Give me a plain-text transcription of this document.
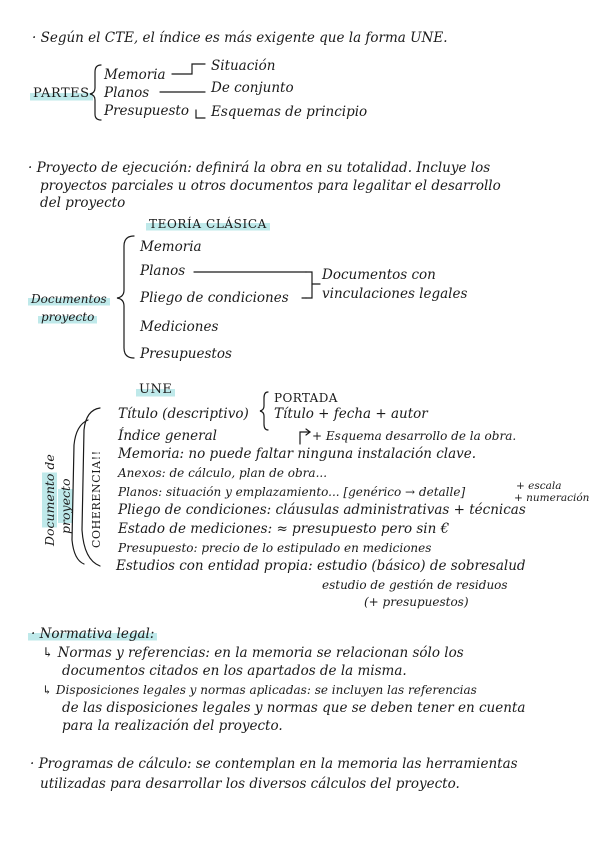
· Según el CTE, el índice es más exigente que la forma UNE.
PARTES
Memoria
Planos
Presupuesto
Situación
De conjunto
Esquemas de principio
· Proyecto de ejecución: definirá la obra en su totalidad. Incluye los
proyectos parciales u otros documentos para legalitar el desarrollo
del proyecto
TEORÍA CLÁSICA
Documentos
proyecto
Memoria
Planos
Pliego de condiciones
Mediciones
Presupuestos
Documentos con
vinculaciones legales
UNE
PORTADA
Título (descriptivo) Título + fecha + autor
Índice general	+ Esquema desarrollo de la obra.
Memoria: no puede faltar ninguna instalación clave.
Anexos: de cálculo, plan de obra...
Planos: situación y emplazamiento... [genérico → detalle]	+ escala
+ numeración
Pliego de condiciones: cláusulas administrativas + técnicas
Estado de mediciones: ≈ presupuesto pero sin €
Presupuesto: precio de lo estipulado en mediciones
Estudios con entidad propia: estudio (básico) de sobresalud
estudio de gestión de residuos
(+ presupuestos)
Documento de proyecto COHERENCIA!!
· Normativa legal:
↳ Normas y referencias: en la memoria se relacionan sólo los
documentos citados en los apartados de la misma.
↳ Disposiciones legales y normas aplicadas: se incluyen las referencias
de las disposiciones legales y normas que se deben tener en cuenta
para la realización del proyecto.
· Programas de cálculo: se contemplan en la memoria las herramientas
utilizadas para desarrollar los diversos cálculos del proyecto.
